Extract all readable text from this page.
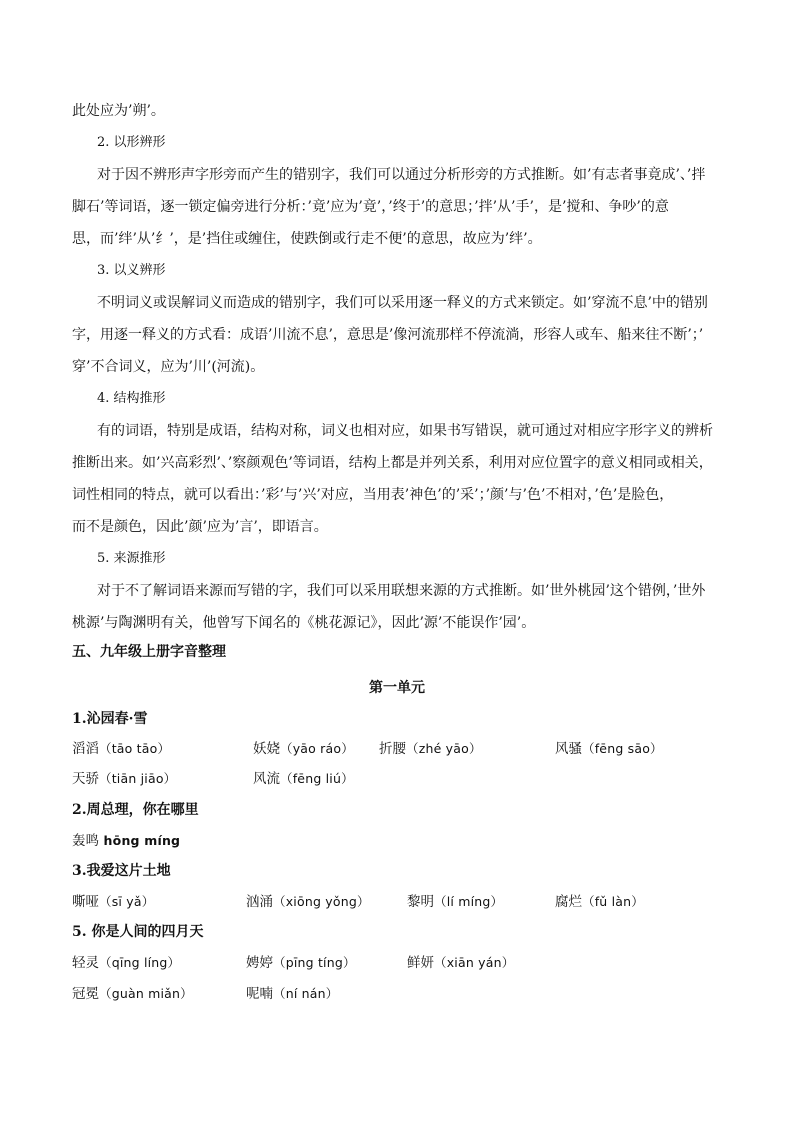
此处应为’朔’。
2. 以形辨形
对于因不辨形声字形旁而产生的错别字，我们可以通过分析形旁的方式推断。如’有志者事竟成’、’拌
脚石’等词语，逐一锁定偏旁进行分析：’竟’应为’竟’，’终于’的意思；’拌’从’手’，是’搅和、争吵’的意
思，而’绊’从’纟’，是’挡住或缠住，使跌倒或行走不便’的意思，故应为’绊’。
3. 以义辨形
不明词义或误解词义而造成的错别字，我们可以采用逐一释义的方式来锁定。如’穿流不息’中的错别
字，用逐一释义的方式看：成语’川流不息’，意思是’像河流那样不停流淌，形容人或车、船来往不断’；’
穿’不合词义，应为’川’(河流)。
4. 结构推形
有的词语，特别是成语，结构对称，词义也相对应，如果书写错误，就可通过对相应字形字义的辨析
推断出来。如’兴高彩烈’、’察颜观色’等词语，结构上都是并列关系，利用对应位置字的意义相同或相关，
词性相同的特点，就可以看出：’彩’与’兴’对应，当用表’神色’的’采’；’颜’与’色’不相对，’色’是脸色，
而不是颜色，因此’颜’应为’言’，即语言。
5. 来源推形
对于不了解词语来源而写错的字，我们可以采用联想来源的方式推断。如’世外桃园’这个错例，’世外
桃源’与陶渊明有关，他曾写下闻名的《桃花源记》，因此’源’不能误作’园’。
五、九年级上册字音整理
第一单元
1.沁园春·雪
滔滔（tāo tāo）	妖娆（yāo ráo） 折腰（zhé yāo）	风骚（fēng sāo）
天骄（tiān jiāo）	风流（fēng liú）
2.周总理，你在哪里
轰鸣 hōng míng
3.我爱这片土地
嘶哑（sī yǎ）	汹涌（xiōng yǒng）	黎明（lí míng）	腐烂（fǔ làn）
5. 你是人间的四月天
轻灵（qīng líng）	娉婷（pīng tíng）	鲜妍（xiān yán）
冠冕（guàn miǎn）	呢喃（ní nán）
